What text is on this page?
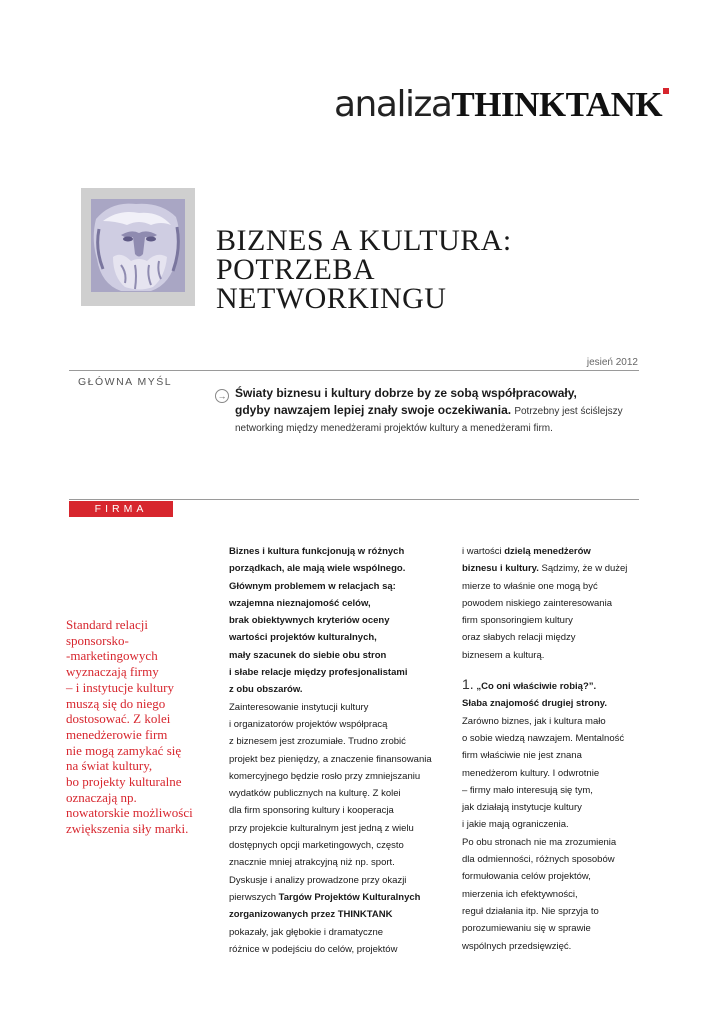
analizaTHINKTANK
BIZNES A KULTURA:
POTRZEBA
NETWORKINGU
jesień 2012
GŁÓWNA MYŚL
→ Światy biznesu i kultury dobrze by ze sobą współpracowały,
gdyby nawzajem lepiej znały swoje oczekiwania. Potrzebny jest ściślejszy
networking między menedżerami projektów kultury a menedżerami firm.
FIRMA
Standard relacji
sponsorsko-
-marketingowych
wyznaczają firmy
– i instytucje kultury
muszą się do niego
dostosować. Z kolei
menedżerowie firm
nie mogą zamykać się
na świat kultury,
bo projekty kulturalne
oznaczają np.
nowatorskie możliwości
zwiększenia siły marki.
Biznes i kultura funkcjonują w różnych
porządkach, ale mają wiele wspólnego.
Głównym problemem w relacjach są:
wzajemna nieznajomość celów,
brak obiektywnych kryteriów oceny
wartości projektów kulturalnych,
mały szacunek do siebie obu stron
i słabe relacje między profesjonalistami
z obu obszarów.
Zainteresowanie instytucji kultury
i organizatorów projektów współpracą
z biznesem jest zrozumiałe. Trudno zrobić
projekt bez pieniędzy, a znaczenie finansowania
komercyjnego będzie rosło przy zmniejszaniu
wydatków publicznych na kulturę. Z kolei
dla firm sponsoring kultury i kooperacja
przy projekcie kulturalnym jest jedną z wielu
dostępnych opcji marketingowych, często
znacznie mniej atrakcyjną niż np. sport.
Dyskusje i analizy prowadzone przy okazji
pierwszych Targów Projektów Kulturalnych
zorganizowanych przez THINKTANK
pokazały, jak głębokie i dramatyczne
różnice w podejściu do celów, projektów
i wartości dzielą menedżerów
biznesu i kultury. Sądzimy, że w dużej
mierze to właśnie one mogą być
powodem niskiego zainteresowania
firm sponsoringiem kultury
oraz słabych relacji między
biznesem a kulturą.
1. „Co oni właściwie robią?”.
Słaba znajomość drugiej strony.
Zarówno biznes, jak i kultura mało
o sobie wiedzą nawzajem. Mentalność
firm właściwie nie jest znana
menedżerom kultury. I odwrotnie
– firmy mało interesują się tym,
jak działają instytucje kultury
i jakie mają ograniczenia.
Po obu stronach nie ma zrozumienia
dla odmienności, różnych sposobów
formułowania celów projektów,
mierzenia ich efektywności,
reguł działania itp. Nie sprzyja to
porozumiewaniu się w sprawie
wspólnych przedsięwzięć.
